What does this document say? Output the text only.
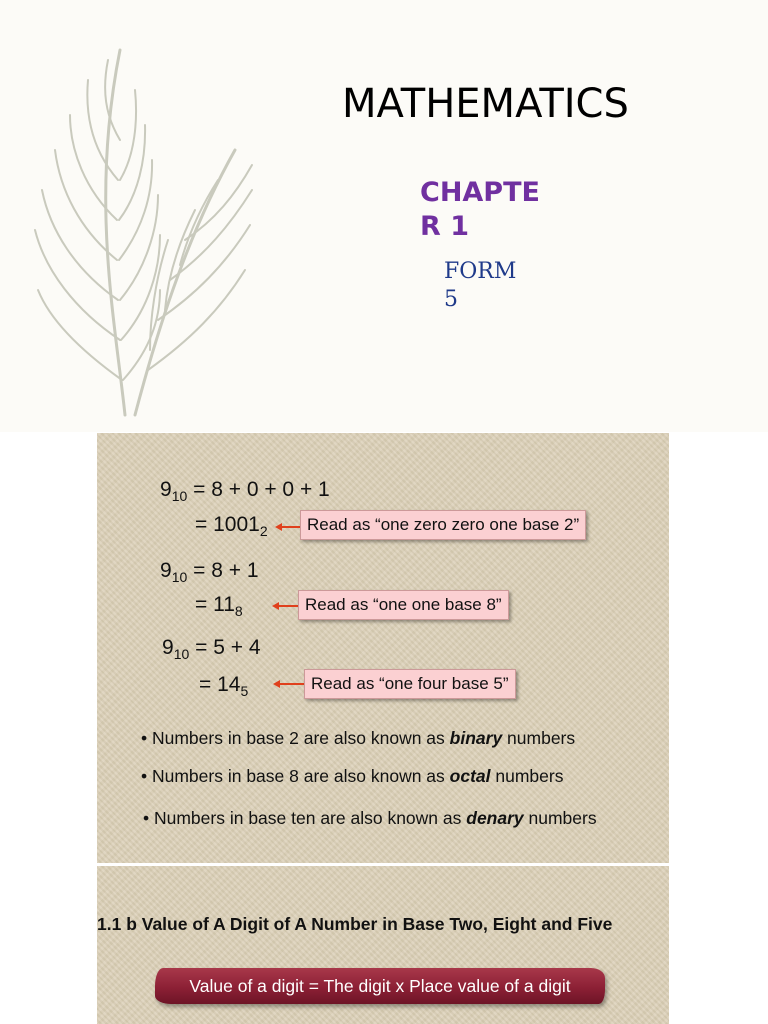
MATHEMATICS
CHAPTER 1
FORM 5
$9_{10} = 8 + 0 + 0 + 1$
= $1001_2$	Read as “one zero zero one base 2”
$9_{10} = 8 + 1$
= $11_8$	Read as “one one base 8”
$9_{10} = 5 + 4$
= $14_5$	Read as “one four base 5”
• Numbers in base 2 are also known as binary numbers
• Numbers in base 8 are also known as octal numbers
• Numbers in base ten are also known as denary numbers
1.1 b Value of A Digit of A Number in Base Two, Eight and Five
Value of a digit = The digit x Place value of a digit
